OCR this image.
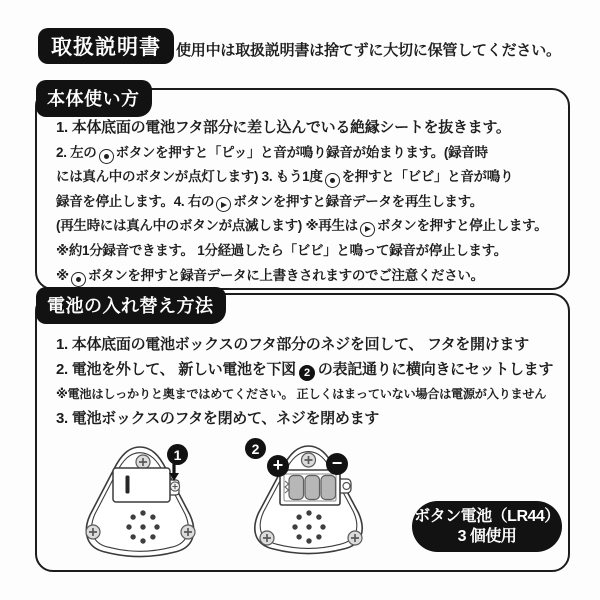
取扱説明書	使用中は取扱説明書は捨てずに大切に保管してください。
本体使い方
1. 本体底面の電池フタ部分に差し込んでいる絶縁シートを抜きます。
2. 左の ボタンを押すと「ピッ」と音が鳴り録音が始まります。(録音時
には真ん中のボタンが点灯します) 3. もう1度 を押すと「ビビ」と音が鳴り
録音を停止します。4. 右の ボタンを押すと録音データを再生します。
(再生時には真ん中のボタンが点滅します) ※再生は ボタンを押すと停止します。
※約1分録音できます。 1分経過したら「ビビ」と鳴って録音が停止します。
※ ボタンを押すと録音データに上書きされますのでご注意ください。
電池の入れ替え方法
1. 本体底面の電池ボックスのフタ部分のネジを回して、 フタを開けます
2. 電池を外して、 新しい電池を下図 2 の表記通りに横向きにセットします
※電池はしっかりと奥まではめてください。 正しくはまっていない場合は電源が入りません
3. 電池ボックスのフタを閉めて、ネジを閉めます
1	2
+	−
ボタン電池（LR44）
3 個使用
